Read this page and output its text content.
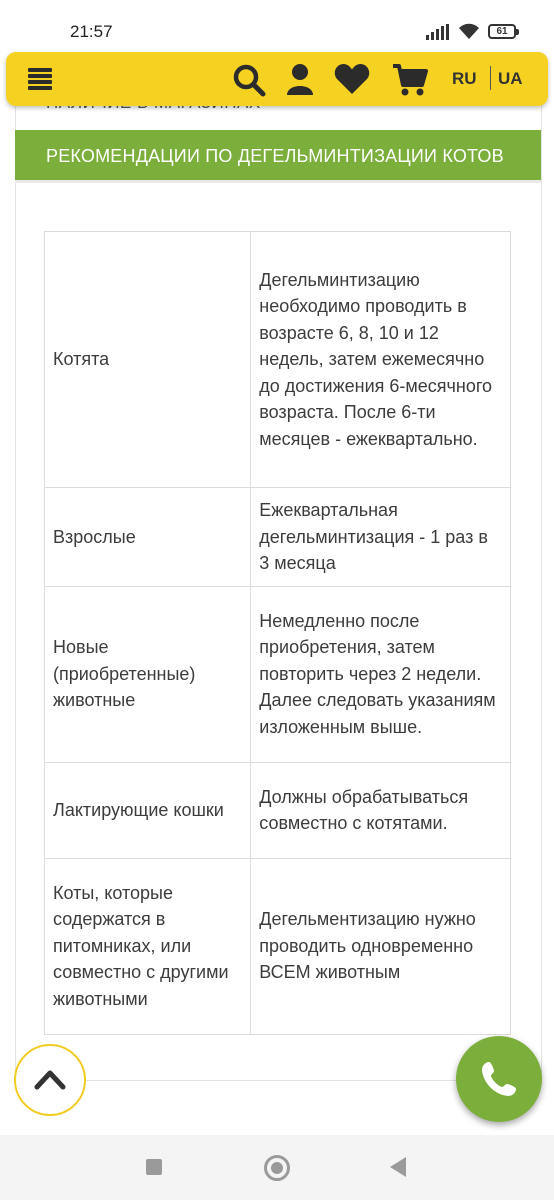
21:57	61
РЕКОМЕНДАЦИИ ПО ДЕГЕЛЬМИНТИЗАЦИИ КОТОВ
Котята	Дегельминтизацию необходимо проводить в возрасте 6, 8, 10 и 12 недель, затем ежемесячно до достижения 6-месячного возраста. После 6-ти месяцев - ежеквартально.
Взрослые	Ежеквартальная дегельминтизация - 1 раз в 3 месяца
Новые (приобретенные) животные	Немедленно после приобретения, затем повторить через 2 недели. Далее следовать указаниям изложенным выше.
Лактирующие кошки	Должны обрабатываться совместно с котятами.
Коты, которые содержатся в питомниках, или совместно с другими животными	Дегельментизацию нужно проводить одновременно ВСЕМ животным
RU UA
